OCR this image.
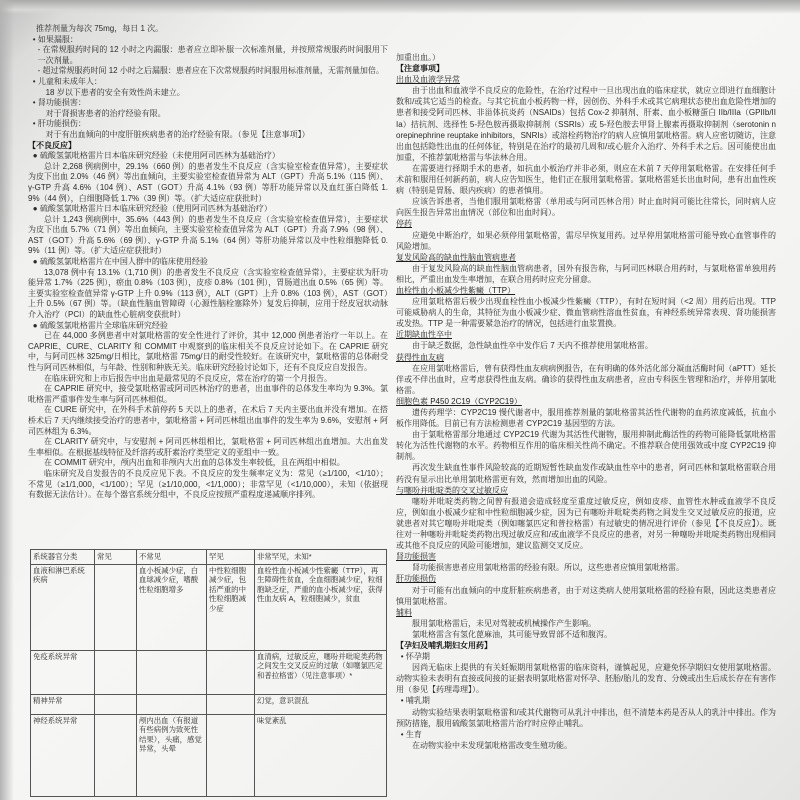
推荐剂量为每次 75mg，每日 1 次。

• 如果漏服：

- 在常规服药时间的 12 小时之内漏服：患者应立即补服一次标准剂量，并按照常规服药时间服用下一次剂量。

- 超过常规服药时间 12 小时之后漏服：患者应在下次常规服药时间服用标准剂量，无需剂量加倍。

• 儿童和未成年人：

18 岁以下患者的安全有效性尚未建立。

• 肾功能损害：

对于肾损害患者的治疗经验有限。

• 肝功能损伤：

对于有出血倾向的中度肝脏疾病患者的治疗经验有限。（参见【注意事项】）

【不良反应】

● 硫酸氢氯吡格雷片日本临床研究经验（未使用阿司匹林为基础治疗）

总计 2,268 例病例中，29.1%（660 例）的患者发生不良反应（含实验室检查值异常），主要症状为皮下出血 2.0%（46 例）等出血倾向，主要实验室检查值异常为 ALT（GPT）升高 5.1%（115 例）、γ-GTP 升高 4.6%（104 例）、AST（GOT）升高 4.1%（93 例）等肝功能异常以及血红蛋白降低 1.9%（44 例），白细胞降低 1.7%（39 例）等。（扩大适应症获批时）

● 硫酸氢氯吡格雷片日本临床研究经验（使用阿司匹林为基础治疗）

总计 1,243 例病例中，35.6%（443 例）的患者发生不良反应（含实验室检查值异常），主要症状为皮下出血 5.7%（71 例）等出血倾向，主要实验室检查值异常为 ALT（GPT）升高 7.9%（98 例）、AST（GOT）升高 5.6%（69 例）、γ-GTP 升高 5.1%（64 例）等肝功能异常以及中性粒细胞降低 0.9%（11 例）等。（扩大适应症获批时）

● 硫酸氢氯吡格雷片在中国人群中的临床使用经验

13,078 例中有 13.1%（1,710 例）的患者发生不良反应（含实验室检查值异常），主要症状为肝功能异常 1.7%（225 例），瘀血 0.8%（103 例），皮疹 0.8%（101 例），胃肠道出血 0.5%（65 例）等。主要实验室检查值异常 γ-GTP 上升 0.9%（113 例），ALT（GPT）上升 0.8%（103 例），AST（GOT）上升 0.5%（67 例）等。（缺血性脑血管障碍（心源性脑栓塞除外）复发后抑制，应用于经皮冠状动脉介入治疗（PCI）的缺血性心脏病变获批时）

● 硫酸氢氯吡格雷片全球临床研究经验

已在 44,000 多例患者中对氯吡格雷的安全性进行了评价，其中 12,000 例患者治疗一年以上。在 CAPRIE、CURE、CLARITY 和 COMMIT 中观察到的临床相关不良反应讨论如下。在 CAPRIE 研究中，与阿司匹林 325mg/日相比，氯吡格雷 75mg/日的耐受性较好。在该研究中，氯吡格雷的总体耐受性与阿司匹林相似，与年龄、性别和种族无关。临床研究经验讨论如下，还有不良反应自发报告。

在临床研究和上市后报告中出血是最常见的不良反应，常在治疗的第一个月报告。

在 CAPRIE 研究中，接受氯吡格雷或阿司匹林治疗的患者，出血事件的总体发生率均为 9.3%。氯吡格雷严重事件发生率与阿司匹林相似。

在 CURE 研究中，在外科手术前停药 5 天以上的患者，在术后 7 天内主要出血并没有增加。在搭桥术后 7 天内继续接受治疗的患者中，氯吡格雷 + 阿司匹林组出血事件的发生率为 9.6%，安慰剂 + 阿司匹林组为 6.3%。

在 CLARITY 研究中，与安慰剂 + 阿司匹林组相比，氯吡格雷 + 阿司匹林组出血增加。大出血发生率相似。在根据基线特征及纤溶药或肝素治疗类型定义的亚组中一致。

在 COMMIT 研究中，颅内出血和非颅内大出血的总体发生率较低，且在两组中相似。

临床研究及自发报告的不良反应见下表。不良反应的发生频率定义为：常见（≥1/100，<1/10）；不常见（≥1/1,000，<1/100）；罕见（≥1/10,000，<1/1,000）；非常罕见（<1/10,000），未知（依据现有数据无法估计）。在每个器官系统分组中，不良反应按照严重程度递减顺序排列。

系统器官分类	常见	不常见	罕见	非常罕见，未知*
血液和淋巴系统疾病		血小板减少症，白血球减少症，嗜酸性粒细胞增多	中性粒细胞减少症，包括严重的中性粒细胞减少症	血栓性血小板减少性紫癜（TTP），再生障碍性贫血，全血细胞减少症，粒细胞缺乏症，严重的血小板减少症，获得性血友病 A，粒细胞减少，贫血
免疫系统异常				血清病，过敏反应，噻吩并吡啶类药物之间发生交叉反应的过敏（如噻氯匹定和普拉格雷）（见注意事项）*
精神异常				幻觉，意识混乱
神经系统异常		颅内出血（有报道有些病例为致死性结果），头痛，感觉异常，头晕		味觉紊乱

加重出血。）

【注意事项】

出血及血液学异常

由于出血和血液学不良反应的危险性，在治疗过程中一旦出现出血的临床症状，就应立即进行血细胞计数和/或其它适当的检查。与其它抗血小板药物一样，因创伤、外科手术或其它病理状态使出血危险性增加的患者和接受阿司匹林、非甾体抗炎药（NSAIDs）包括 Cox-2 抑制剂、肝素、血小板糖蛋白 IIb/IIIa（GPIIb/IIIa）拮抗剂、选择性 5-羟色胺再摄取抑制剂（SSRIs）或 5-羟色胺去甲肾上腺素再摄取抑制剂（serotonin norepinephrine reuptake inhibitors，SNRIs）或溶栓药物治疗的病人应慎用氯吡格雷。病人应密切随访，注意出血包括隐性出血的任何体征，特别是在治疗的最初几周和/或心脏介入治疗、外科手术之后。因可能使出血加重，不推荐氯吡格雷与华法林合用。

在需要进行择期手术的患者，如抗血小板治疗并非必须，则应在术前 7 天停用氯吡格雷。在安排任何手术前和服用任何新药前，病人应告知医生，他们正在服用氯吡格雷。氯吡格雷延长出血时间，患有出血性疾病（特别是胃肠、眼内疾病）的患者慎用。

应该告诉患者，当他们服用氯吡格雷（单用或与阿司匹林合用）时止血时间可能比往常长，同时病人应向医生报告异常出血情况（部位和出血时间）。

停药

应避免中断治疗，如果必须停用氯吡格雷，需尽早恢复用药。过早停用氯吡格雷可能导致心血管事件的风险增加。

复发风险高的缺血性脑血管病患者

由于复发风险高的缺血性脑血管病患者，国外有报告称，与阿司匹林联合用药时，与氯吡格雷单独用药相比，严重出血发生率增加，在联合用药时应充分留意。

血栓性血小板减少性紫癜（TTP）

应用氯吡格雷后极少出现血栓性血小板减少性紫癜（TTP），有时在短时间（<2 周）用药后出现。TTP 可能威胁病人的生命，其特征为血小板减少症、微血管病性溶血性贫血，有神经系统异常表现、肾功能损害或发热。TTP 是一种需要紧急治疗的情况，包括进行血浆置换。

近期缺血性卒中

由于缺乏数据，急性缺血性卒中发作后 7 天内不推荐使用氯吡格雷。

获得性血友病

在应用氯吡格雷后，曾有获得性血友病病例报告，在有明确的体外活化部分凝血活酶时间（aPTT）延长伴或不伴出血时，应考虑获得性血友病。确诊的获得性血友病患者，应由专科医生管理和治疗，并停用氯吡格雷。

细胞色素 P450 2C19（CYP2C19）

遗传药理学：CYP2C19 慢代谢者中，服用推荐剂量的氯吡格雷其活性代谢物的血药浓度减低，抗血小板作用降低。目前已有方法检测患者 CYP2C19 基因型的方法。

由于氯吡格雷部分地通过 CYP2C19 代谢为其活性代谢物，服用抑制此酶活性的药物可能降低氯吡格雷转化为活性代谢物的水平。药物相互作用的临床相关性尚不确定。不推荐联合使用强效或中度 CYP2C19 抑制剂。

再次发生缺血性事件风险较高的近期短暂性缺血发作或缺血性卒中的患者，阿司匹林和氯吡格雷联合用药没有显示出比单用氯吡格雷更有效，然而增加出血的风险。

与噻吩并吡啶类的交叉过敏反应

噻吩并吡啶类药物之间曾有报道会造成轻度至重度过敏反应，例如皮疹、血管性水肿或血液学不良反应，例如血小板减少症和中性粒细胞减少症，因为已有噻吩并吡啶类药物之间发生交叉过敏反应的报道，应就患者对其它噻吩并吡啶类（例如噻氯匹定和普拉格雷）有过敏史的情况进行评价（参见【不良反应】）。既往对一种噻吩并吡啶类药物出现过敏反应和/或血液学不良反应的患者，对另一种噻吩并吡啶类药物出现相同或其他不良反应的风险可能增加，建议监测交叉反应。

肾功能损害

肾功能损害患者应用氯吡格雷的经验有限。所以，这些患者应慎用氯吡格雷。

肝功能损伤

对于可能有出血倾向的中度肝脏疾病患者，由于对这类病人使用氯吡格雷的经验有限，因此这类患者应慎用氯吡格雷。

辅料

服用氯吡格雷后，未见对驾驶或机械操作产生影响。

氯吡格雷含有氢化蓖麻油，其可能导致胃部不适和腹泻。

【孕妇及哺乳期妇女用药】

• 怀孕期

因尚无临床上提供的有关妊娠期用氯吡格雷的临床资料，谨慎起见，应避免怀孕期妇女使用氯吡格雷。动物实验未表明有直接或间接的证据表明氯吡格雷对怀孕、胚胎/胎儿的发育、分娩或出生后成长存在有害作用（参见【药理毒理】）。

• 哺乳期

动物实验结果表明氯吡格雷和/或其代谢物可从乳汁中排出，但不清楚本药是否从人的乳汁中排出。作为预防措施，服用硫酸氢氯吡格雷片治疗时应停止哺乳。

• 生育

在动物实验中未发现氯吡格雷改变生殖功能。
